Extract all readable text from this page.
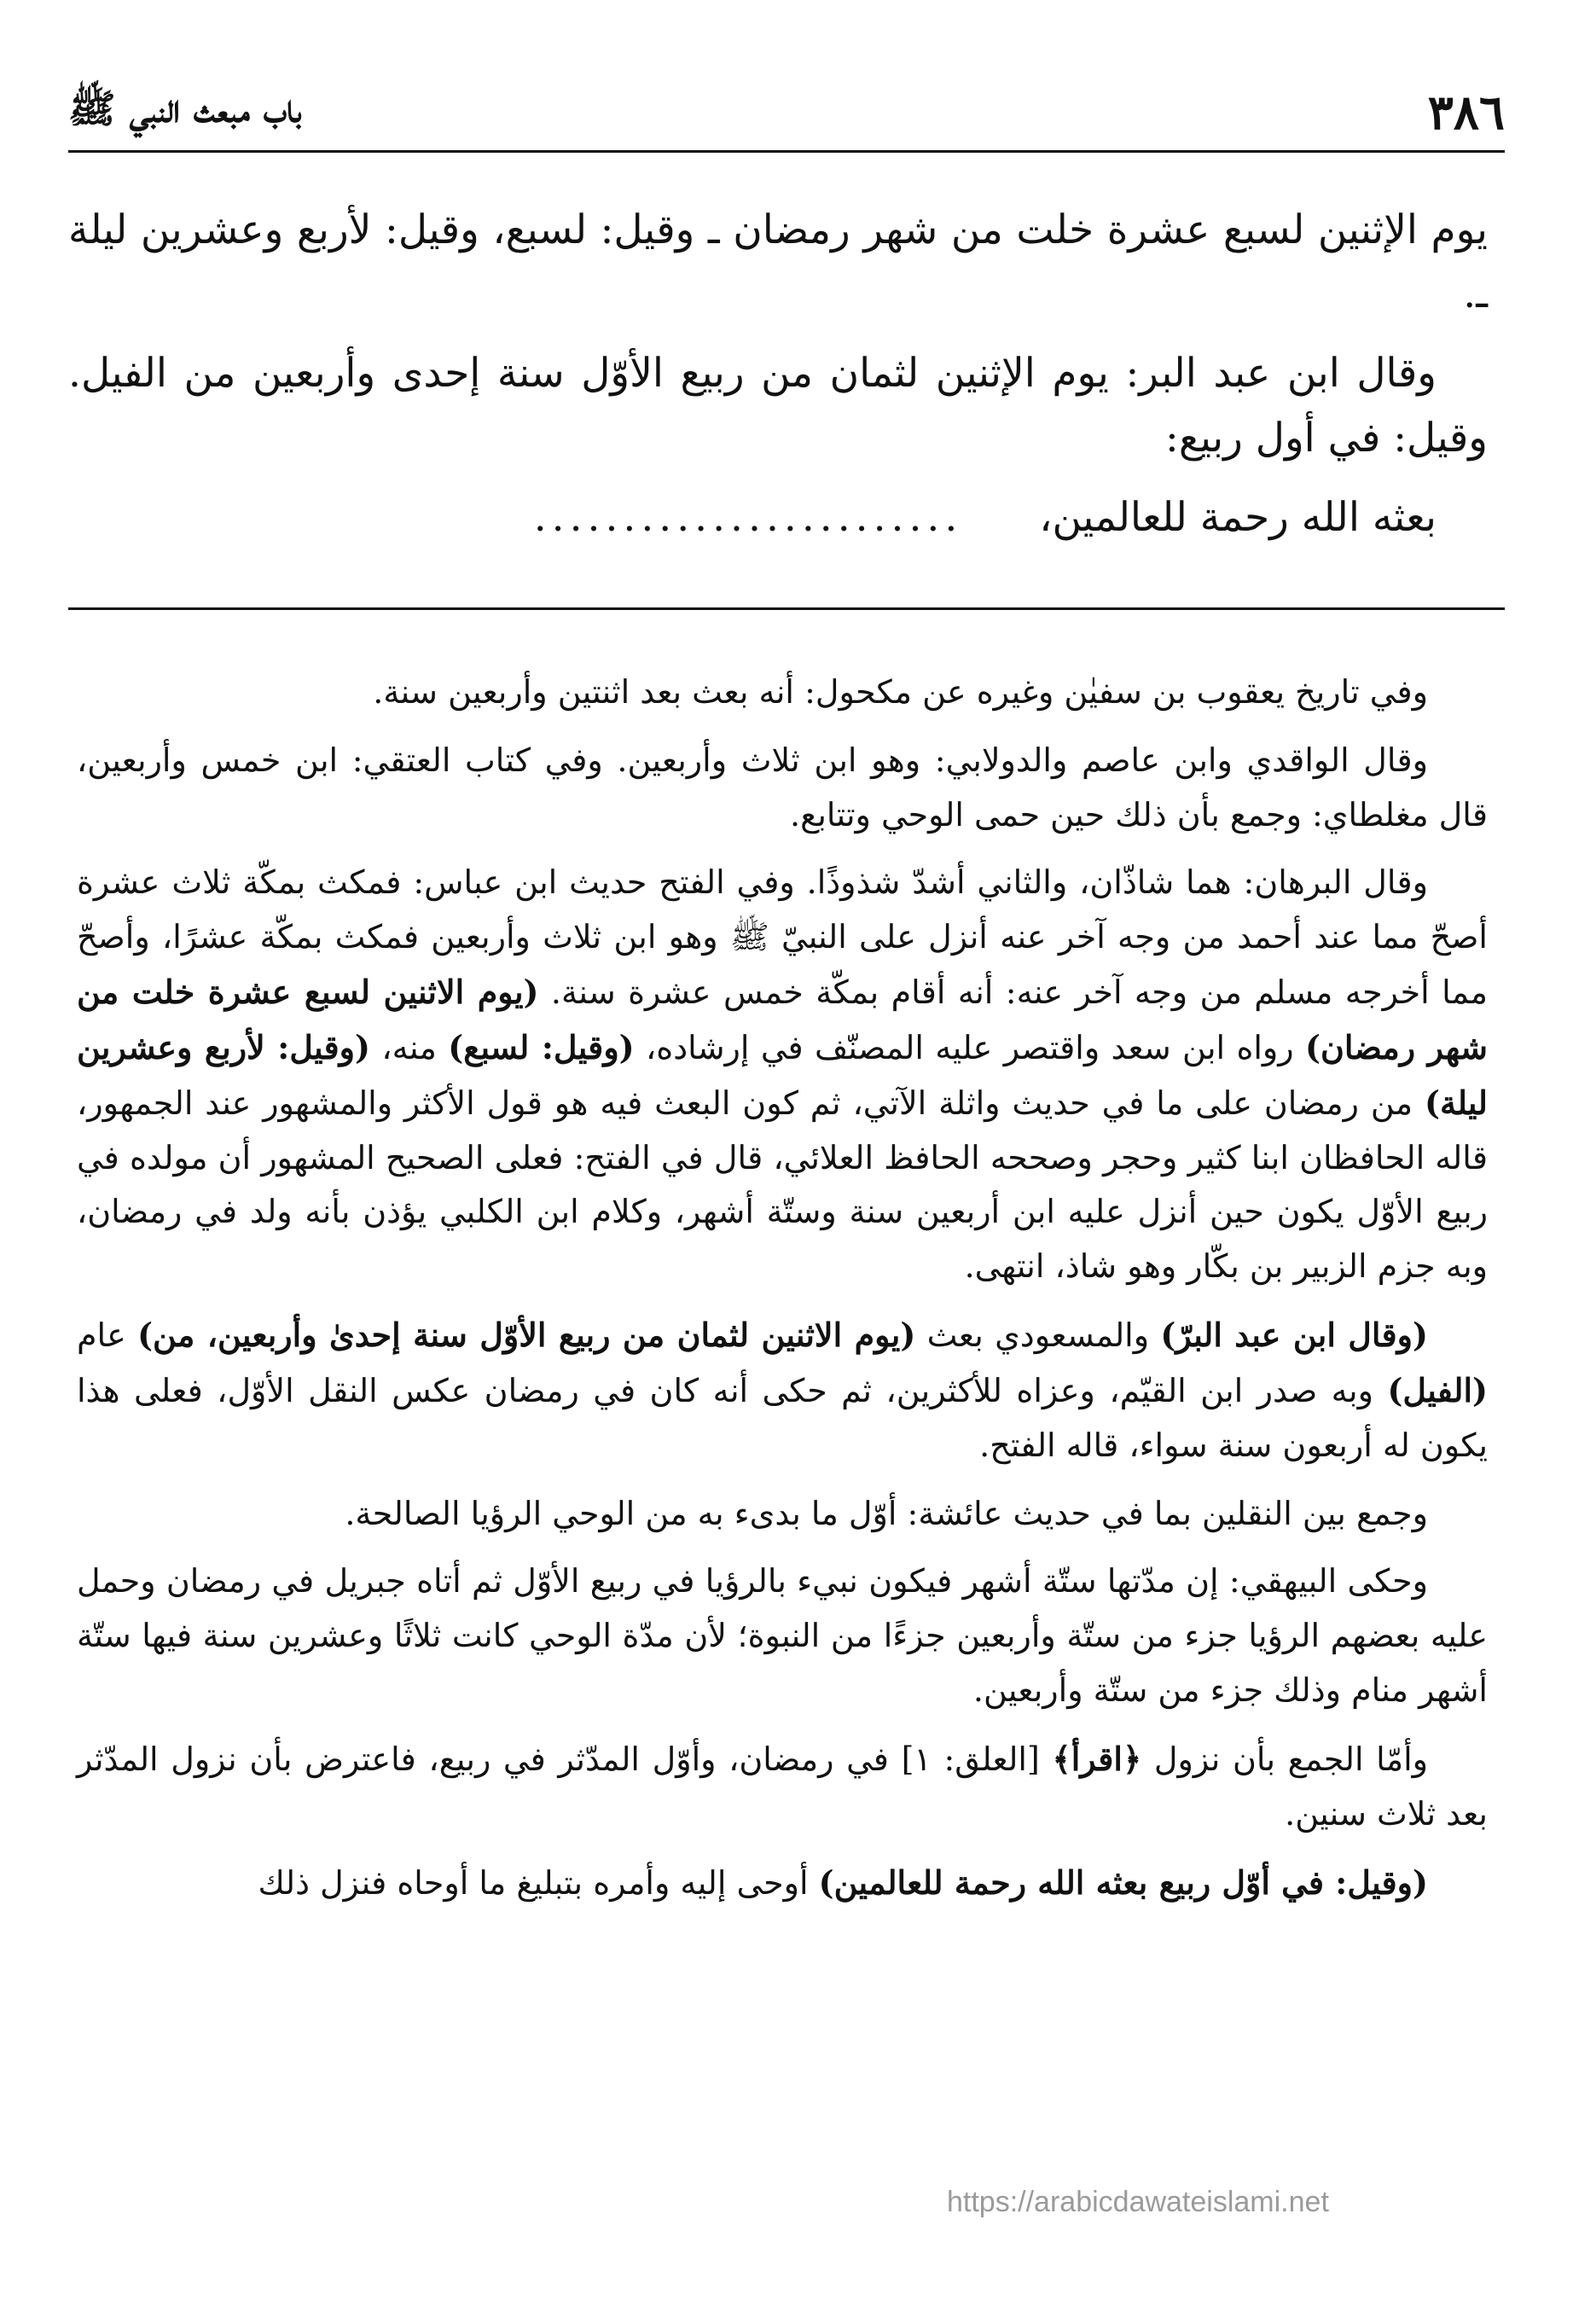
٣٨٦
باب مبعث النبي ﷺ

يوم الإثنين لسبع عشرة خلت من شهر رمضان ـ وقيل: لسبع، وقيل: لأربع وعشرين ليلة ـ.

وقال ابن عبد البر: يوم الإثنين لثمان من ربيع الأوّل سنة إحدى وأربعين من الفيل. وقيل: في أول ربيع:

بعثه الله رحمة للعالمين،
........................

وفي تاريخ يعقوب بن سفيٰن وغيره عن مكحول: أنه بعث بعد اثنتين وأربعين سنة.

وقال الواقدي وابن عاصم والدولابي: وهو ابن ثلاث وأربعين. وفي كتاب العتقي: ابن خمس وأربعين، قال مغلطاي: وجمع بأن ذلك حين حمى الوحي وتتابع.

وقال البرهان: هما شاذّان، والثاني أشدّ شذوذًا. وفي الفتح حديث ابن عباس: فمكث بمكّة ثلاث عشرة أصحّ مما عند أحمد من وجه آخر عنه أنزل على النبيّ ﷺ وهو ابن ثلاث وأربعين فمكث بمكّة عشرًا، وأصحّ مما أخرجه مسلم من وجه آخر عنه: أنه أقام بمكّة خمس عشرة سنة. (يوم الاثنين لسبع عشرة خلت من شهر رمضان) رواه ابن سعد واقتصر عليه المصنّف في إرشاده، (وقيل: لسبع) منه، (وقيل: لأربع وعشرين ليلة) من رمضان على ما في حديث واثلة الآتي، ثم كون البعث فيه هو قول الأكثر والمشهور عند الجمهور، قاله الحافظان ابنا كثير وحجر وصححه الحافظ العلائي، قال في الفتح: فعلى الصحيح المشهور أن مولده في ربيع الأوّل يكون حين أنزل عليه ابن أربعين سنة وستّة أشهر، وكلام ابن الكلبي يؤذن بأنه ولد في رمضان، وبه جزم الزبير بن بكّار وهو شاذ، انتهى.

(وقال ابن عبد البرّ) والمسعودي بعث (يوم الاثنين لثمان من ربيع الأوّل سنة إحدىٰ وأربعين، من) عام (الفيل) وبه صدر ابن القيّم، وعزاه للأكثرين، ثم حكى أنه كان في رمضان عكس النقل الأوّل، فعلى هذا يكون له أربعون سنة سواء، قاله الفتح.

وجمع بين النقلين بما في حديث عائشة: أوّل ما بدىء به من الوحي الرؤيا الصالحة.

وحكى البيهقي: إن مدّتها ستّة أشهر فيكون نبيء بالرؤيا في ربيع الأوّل ثم أتاه جبريل في رمضان وحمل عليه بعضهم الرؤيا جزء من ستّة وأربعين جزءًا من النبوة؛ لأن مدّة الوحي كانت ثلاثًا وعشرين سنة فيها ستّة أشهر منام وذلك جزء من ستّة وأربعين.

وأمّا الجمع بأن نزول ﴿اقرأ﴾ [العلق: ١] في رمضان، وأوّل المدّثر في ربيع، فاعترض بأن نزول المدّثر بعد ثلاث سنين.

(وقيل: في أوّل ربيع بعثه الله رحمة للعالمين) أوحى إليه وأمره بتبليغ ما أوحاه فنزل ذلك

https://arabicdawateislami.net
